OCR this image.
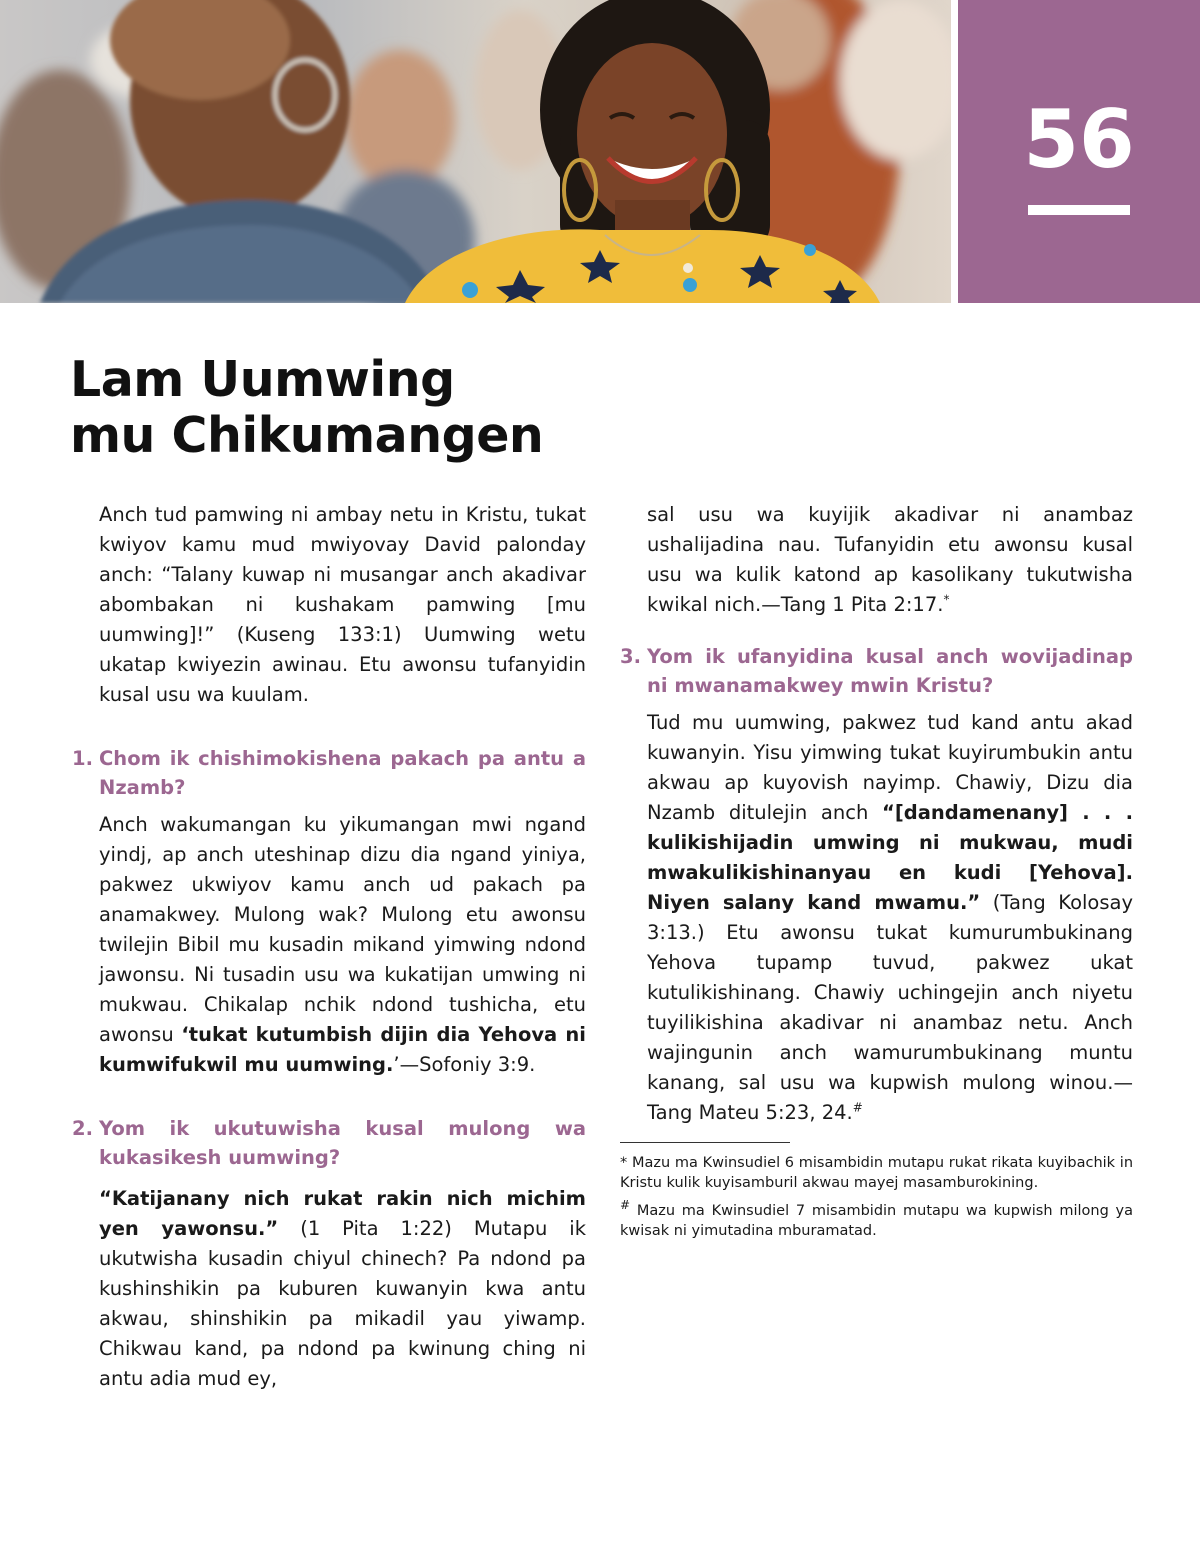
56
Lam Uumwing
mu Chikumangen

Anch tud pamwing ni ambay netu in Kristu, tukat kwiyov kamu mud mwiyovay David palonday anch: “Talany kuwap ni musangar anch akadivar abombakan ni kushakam pamwing [mu uumwing]!” (Kuseng 133:1) Uumwing wetu ukatap kwiyezin awinau. Etu awonsu tufanyidin kusal usu wa kuulam.

1. Chom ik chishimokishena pakach pa antu a Nzamb?

Anch wakumangan ku yikumangan mwi ngand yindj, ap anch uteshinap dizu dia ngand yiniya, pakwez ukwiyov kamu anch ud pakach pa anamakwey. Mulong wak? Mulong etu awonsu twilejin Bibil mu kusadin mikand yimwing ndond jawonsu. Ni tusadin usu wa kukatijan umwing ni mukwau. Chikalap nchik ndond tushicha, etu awonsu ‘tukat kutumbish dijin dia Yehova ni kumwifukwil mu uumwing.’—Sofoniy 3:9.

2. Yom ik ukutuwisha kusal mulong wa kukasikesh uumwing?

“Katijanany nich rukat rakin nich michim yen yawonsu.” (1 Pita 1:22) Mutapu ik ukutwisha kusadin chiyul chinech? Pa ndond pa kushinshikin pa kuburen kuwanyin kwa antu akwau, shinshikin pa mikadil yau yiwamp. Chikwau kand, pa ndond pa kwinung ching ni antu adia mud ey,

sal usu wa kuyijik akadivar ni anambaz ushalijadina nau. Tufanyidin etu awonsu kusal usu wa kulik katond ap kasolikany tukutwisha kwikal nich.—Tang 1 Pita 2:17.*

3. Yom ik ufanyidina kusal anch wovijadinap ni mwanamakwey mwin Kristu?

Tud mu uumwing, pakwez tud kand antu akad kuwanyin. Yisu yimwing tukat kuyirumbukin antu akwau ap kuyovish nayimp. Chawiy, Dizu dia Nzamb ditulejin anch “[dandamenany] . . . kulikishijadin umwing ni mukwau, mudi mwakulikishinanyau en kudi [Yehova]. Niyen salany kand mwamu.” (Tang Kolosay 3:13.) Etu awonsu tukat kumurumbukinang Yehova tupamp tuvud, pakwez ukat kutulikishinang. Chawiy uchingejin anch niyetu tuyilikishina akadivar ni anambaz netu. Anch wajingunin anch wamurumbukinang muntu kanang, sal usu wa kupwish mulong winou.—Tang Mateu 5:23, 24.#

* Mazu ma Kwinsudiel 6 misambidin mutapu rukat rikata kuyibachik in Kristu kulik kuyisamburil akwau mayej masamburokining.

# Mazu ma Kwinsudiel 7 misambidin mutapu wa kupwish milong ya kwisak ni yimutadina mburamatad.
